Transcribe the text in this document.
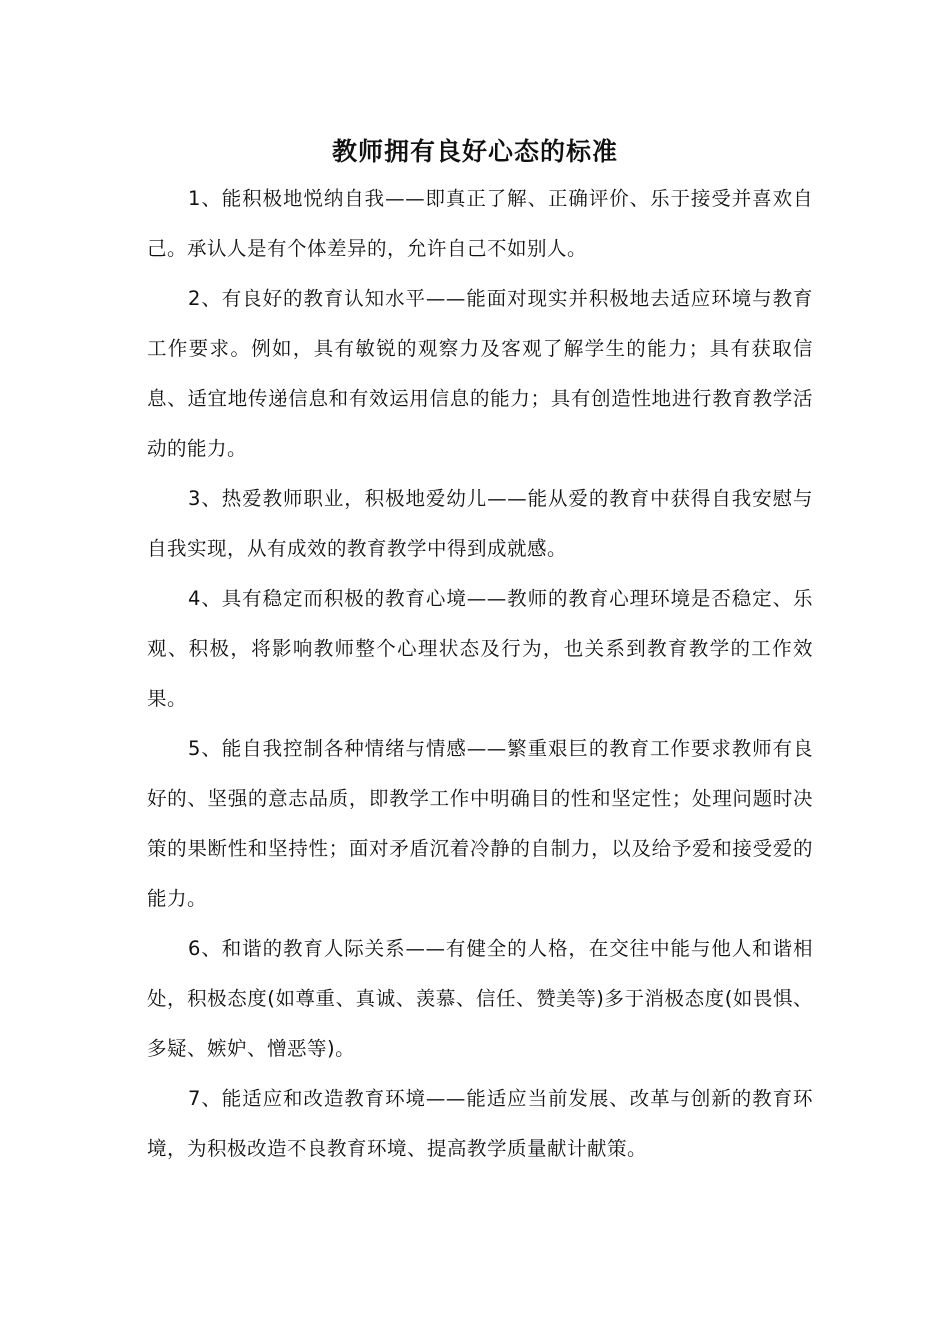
教师拥有良好心态的标准

1、能积极地悦纳自我——即真正了解、正确评价、乐于接受并喜欢自己。承认人是有个体差异的，允许自己不如别人。

2、有良好的教育认知水平——能面对现实并积极地去适应环境与教育工作要求。例如，具有敏锐的观察力及客观了解学生的能力；具有获取信息、适宜地传递信息和有效运用信息的能力；具有创造性地进行教育教学活动的能力。

3、热爱教师职业，积极地爱幼儿——能从爱的教育中获得自我安慰与自我实现，从有成效的教育教学中得到成就感。

4、具有稳定而积极的教育心境——教师的教育心理环境是否稳定、乐观、积极，将影响教师整个心理状态及行为，也关系到教育教学的工作效果。

5、能自我控制各种情绪与情感——繁重艰巨的教育工作要求教师有良好的、坚强的意志品质，即教学工作中明确目的性和坚定性；处理问题时决策的果断性和坚持性；面对矛盾沉着冷静的自制力，以及给予爱和接受爱的能力。

6、和谐的教育人际关系——有健全的人格，在交往中能与他人和谐相处，积极态度(如尊重、真诚、羡慕、信任、赞美等)多于消极态度(如畏惧、多疑、嫉妒、憎恶等)。

7、能适应和改造教育环境——能适应当前发展、改革与创新的教育环境，为积极改造不良教育环境、提高教学质量献计献策。
